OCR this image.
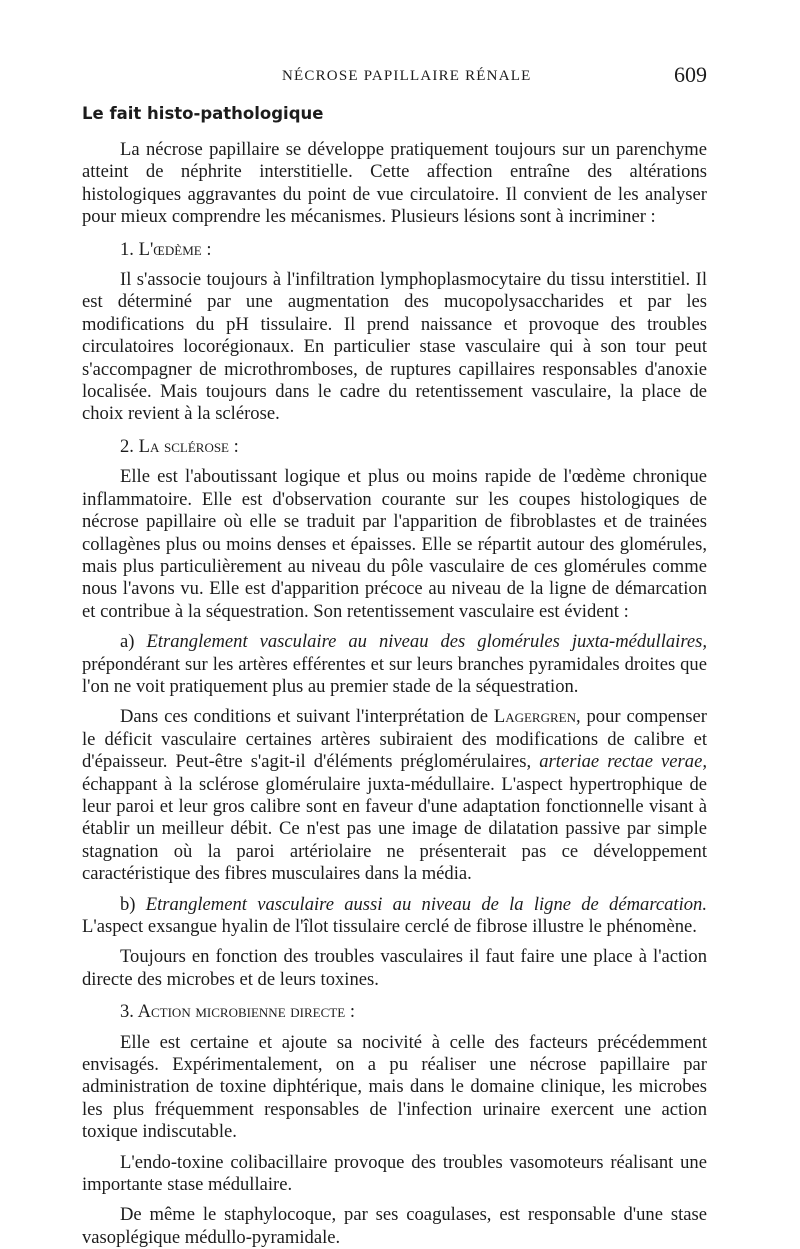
NÉCROSE PAPILLAIRE RÉNALE	609
Le fait histo-pathologique

La nécrose papillaire se développe pratiquement toujours sur un parenchyme atteint de néphrite interstitielle. Cette affection entraîne des altérations histologiques aggravantes du point de vue circulatoire. Il convient de les analyser pour mieux comprendre les mécanismes. Plusieurs lésions sont à incriminer :

1. L'œdème :

Il s'associe toujours à l'infiltration lymphoplasmocytaire du tissu interstitiel. Il est déterminé par une augmentation des mucopolysaccharides et par les modifications du pH tissulaire. Il prend naissance et provoque des troubles circulatoires locorégionaux. En particulier stase vasculaire qui à son tour peut s'accompagner de microthromboses, de ruptures capillaires responsables d'anoxie localisée. Mais toujours dans le cadre du retentissement vasculaire, la place de choix revient à la sclérose.

2. La sclérose :

Elle est l'aboutissant logique et plus ou moins rapide de l'œdème chronique inflammatoire. Elle est d'observation courante sur les coupes histologiques de nécrose papillaire où elle se traduit par l'apparition de fibroblastes et de trainées collagènes plus ou moins denses et épaisses. Elle se répartit autour des glomérules, mais plus particulièrement au niveau du pôle vasculaire de ces glomérules comme nous l'avons vu. Elle est d'apparition précoce au niveau de la ligne de démarcation et contribue à la séquestration. Son retentissement vasculaire est évident :

a) Etranglement vasculaire au niveau des glomérules juxta-médullaires, prépondérant sur les artères efférentes et sur leurs branches pyramidales droites que l'on ne voit pratiquement plus au premier stade de la séquestration.

Dans ces conditions et suivant l'interprétation de Lagergren, pour compenser le déficit vasculaire certaines artères subiraient des modifications de calibre et d'épaisseur. Peut-être s'agit-il d'éléments préglomérulaires, arteriae rectae verae, échappant à la sclérose glomérulaire juxta-médullaire. L'aspect hypertrophique de leur paroi et leur gros calibre sont en faveur d'une adaptation fonctionnelle visant à établir un meilleur débit. Ce n'est pas une image de dilatation passive par simple stagnation où la paroi artériolaire ne présenterait pas ce développement caractéristique des fibres musculaires dans la média.

b) Etranglement vasculaire aussi au niveau de la ligne de démarcation. L'aspect exsangue hyalin de l'îlot tissulaire cerclé de fibrose illustre le phénomène.

Toujours en fonction des troubles vasculaires il faut faire une place à l'action directe des microbes et de leurs toxines.

3. Action microbienne directe :

Elle est certaine et ajoute sa nocivité à celle des facteurs précédemment envisagés. Expérimentalement, on a pu réaliser une nécrose papillaire par administration de toxine diphtérique, mais dans le domaine clinique, les microbes les plus fréquemment responsables de l'infection urinaire exercent une action toxique indiscutable.

L'endo-toxine colibacillaire provoque des troubles vasomoteurs réalisant une importante stase médullaire.

De même le staphylocoque, par ses coagulases, est responsable d'une stase vasoplégique médullo-pyramidale.
